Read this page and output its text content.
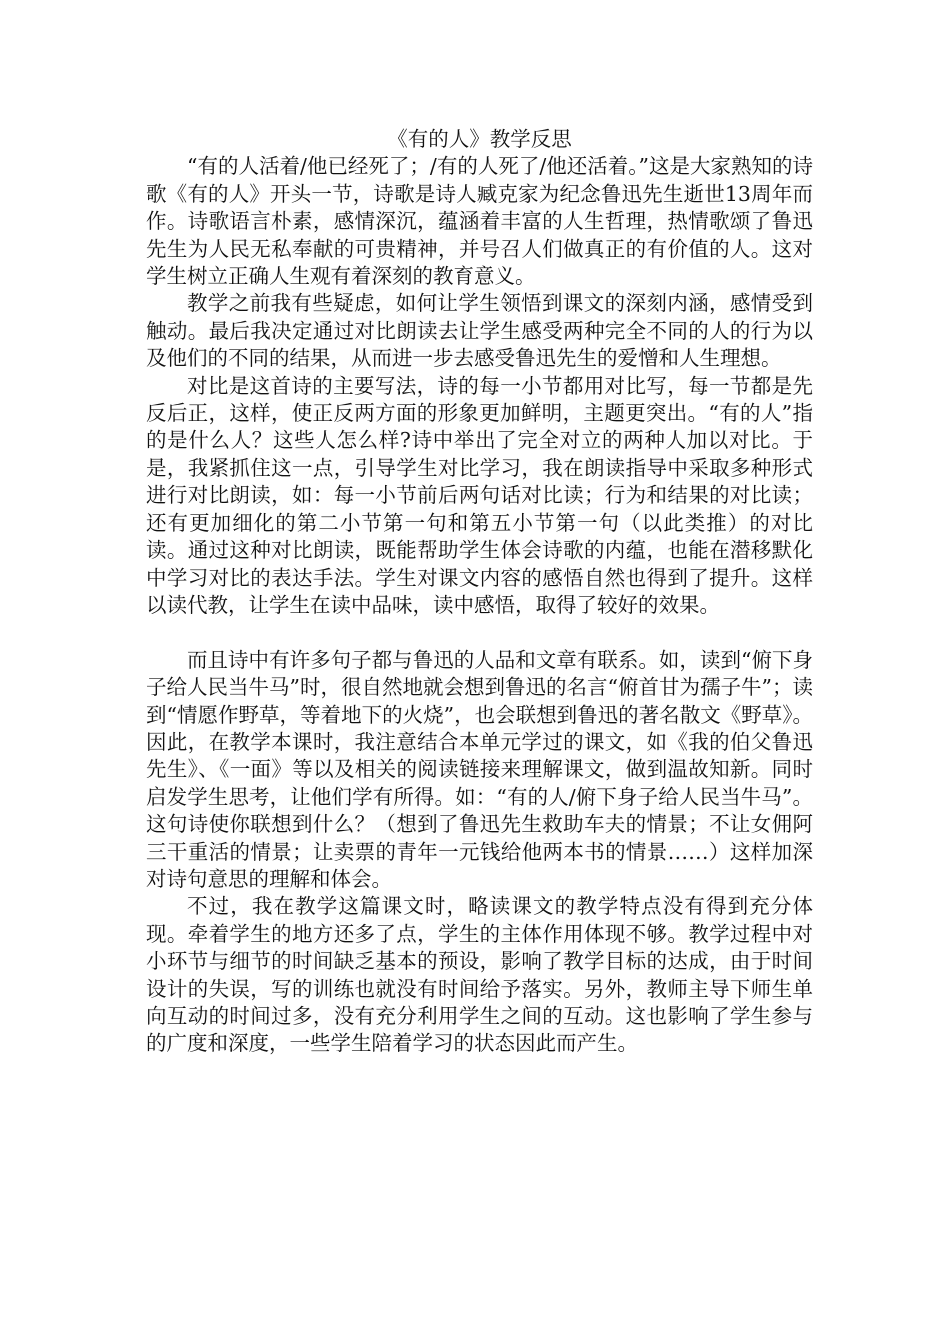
《有的人》教学反思

“有的人活着/他已经死了；/有的人死了/他还活着。”这是大家熟知的诗歌《有的人》开头一节，诗歌是诗人臧克家为纪念鲁迅先生逝世13周年而作。诗歌语言朴素，感情深沉，蕴涵着丰富的人生哲理，热情歌颂了鲁迅先生为人民无私奉献的可贵精神，并号召人们做真正的有价值的人。这对学生树立正确人生观有着深刻的教育意义。

教学之前我有些疑虑，如何让学生领悟到课文的深刻内涵，感情受到触动。最后我决定通过对比朗读去让学生感受两种完全不同的人的行为以及他们的不同的结果，从而进一步去感受鲁迅先生的爱憎和人生理想。

对比是这首诗的主要写法，诗的每一小节都用对比写，每一节都是先反后正，这样，使正反两方面的形象更加鲜明，主题更突出。“有的人”指的是什么人？这些人怎么样?诗中举出了完全对立的两种人加以对比。于是，我紧抓住这一点，引导学生对比学习，我在朗读指导中采取多种形式进行对比朗读，如：每一小节前后两句话对比读；行为和结果的对比读；还有更加细化的第二小节第一句和第五小节第一句（以此类推）的对比读。通过这种对比朗读，既能帮助学生体会诗歌的内蕴，也能在潜移默化中学习对比的表达手法。学生对课文内容的感悟自然也得到了提升。这样以读代教，让学生在读中品味，读中感悟，取得了较好的效果。

而且诗中有许多句子都与鲁迅的人品和文章有联系。如，读到“俯下身子给人民当牛马”时，很自然地就会想到鲁迅的名言“俯首甘为孺子牛”；读到“情愿作野草，等着地下的火烧”，也会联想到鲁迅的著名散文《野草》。因此，在教学本课时，我注意结合本单元学过的课文，如《我的伯父鲁迅先生》、《一面》等以及相关的阅读链接来理解课文，做到温故知新。同时启发学生思考，让他们学有所得。如：“有的人/俯下身子给人民当牛马”。这句诗使你联想到什么？（想到了鲁迅先生救助车夫的情景；不让女佣阿三干重活的情景；让卖票的青年一元钱给他两本书的情景……）这样加深对诗句意思的理解和体会。

不过，我在教学这篇课文时，略读课文的教学特点没有得到充分体现。牵着学生的地方还多了点，学生的主体作用体现不够。教学过程中对小环节与细节的时间缺乏基本的预设，影响了教学目标的达成，由于时间设计的失误，写的训练也就没有时间给予落实。另外，教师主导下师生单向互动的时间过多，没有充分利用学生之间的互动。这也影响了学生参与的广度和深度，一些学生陪着学习的状态因此而产生。
